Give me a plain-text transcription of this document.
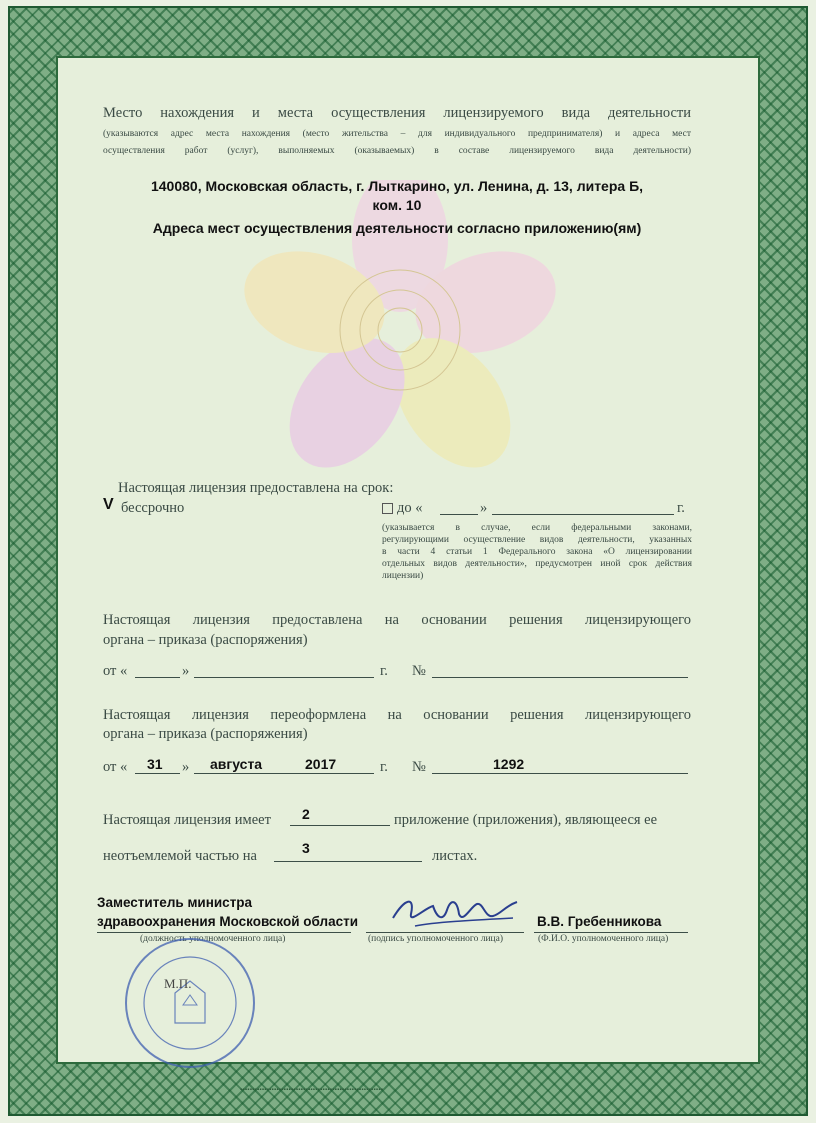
Место нахождения и места осуществления лицензируемого вида деятельности
(указываются адрес места нахождения (место жительства – для индивидуального предпринимателя) и адреса мест
осуществления работ (услуг), выполняемых (оказываемых) в составе лицензируемого вида деятельности)
140080, Московская область, г. Лыткарино, ул. Ленина, д. 13, литера Б,
ком. 10
Адреса мест осуществления деятельности согласно приложению(ям)
Настоящая лицензия предоставлена на срок:
V бессрочно	до «	»	г.
(указывается в случае, если федеральными законами,
регулирующими осуществление видов деятельности, указанных
в части 4 статьи 1 Федерального закона «О лицензировании
отдельных видов деятельности», предусмотрен иной срок действия
лицензии)
Настоящая лицензия предоставлена на основании решения лицензирующего
органа – приказа (распоряжения)
от «	»	г. №
Настоящая лицензия переоформлена на основании решения лицензирующего
органа – приказа (распоряжения)
от « 31 » августа	2017	г. №	1292
Настоящая лицензия имеет 2	приложение (приложения), являющееся ее
неотъемлемой частью на	3	листах.
Заместитель министра
здравоохранения Московской области
(должность уполномоченного лица)	(подпись уполномоченного лица)
В.В. Гребенникова
(Ф.И.О. уполномоченного лица)
М.П.
▪▪▪▪▪▪▪▪▪▪▪▪▪▪▪▪▪▪▪▪▪▪▪▪▪▪▪▪▪▪▪▪▪▪▪▪▪▪▪▪▪▪▪▪▪▪▪▪▪▪▪▪▪▪▪▪▪▪▪
